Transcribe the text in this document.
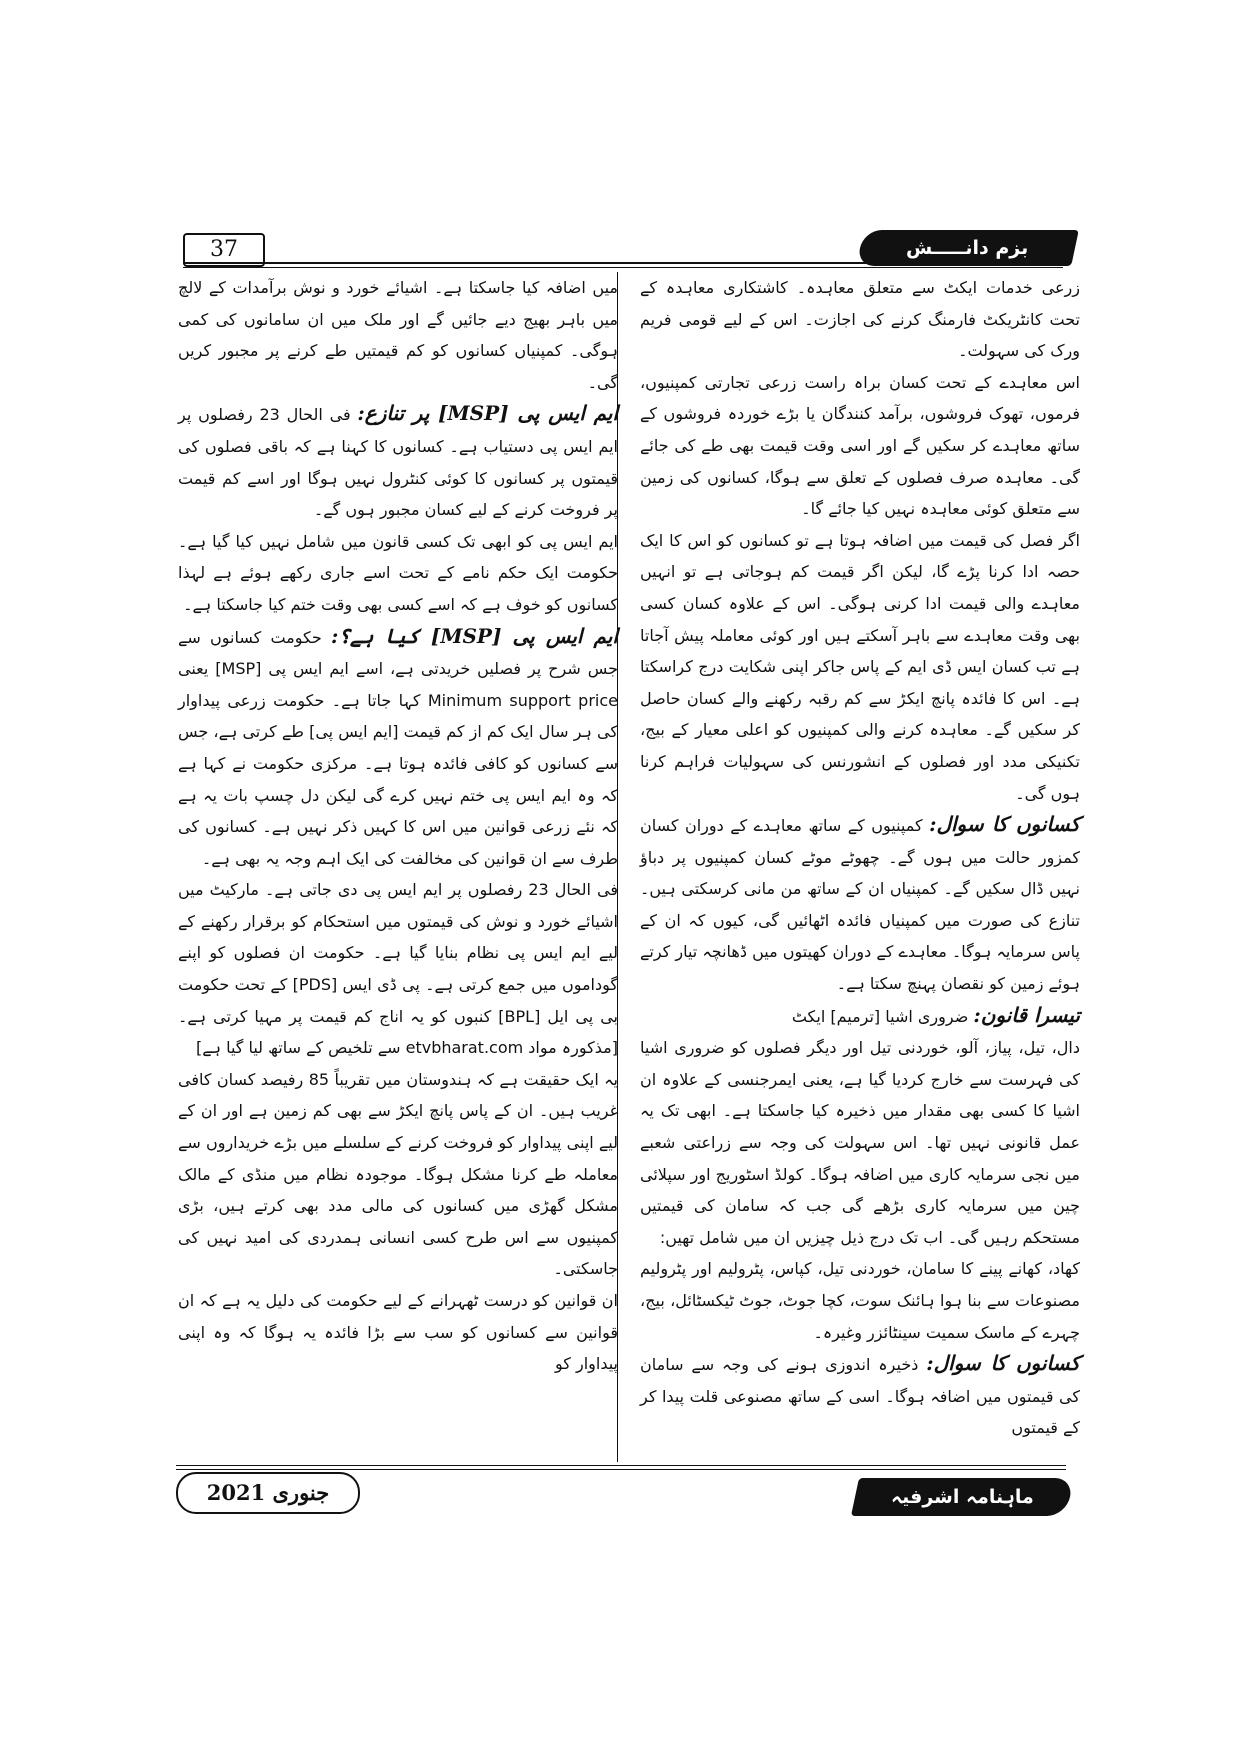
37	بزم دانـــــش

زرعی خدمات ایکٹ سے متعلق معاہدہ۔ کاشتکاری معاہدہ کے تحت کانٹریکٹ فارمنگ کرنے کی اجازت۔ اس کے لیے قومی فریم ورک کی سہولت۔

اس معاہدے کے تحت کسان براہ راست زرعی تجارتی کمپنیوں، فرموں، تھوک فروشوں، برآمد کنندگان یا بڑے خوردہ فروشوں کے ساتھ معاہدے کر سکیں گے اور اسی وقت قیمت بھی طے کی جائے گی۔ معاہدہ صرف فصلوں کے تعلق سے ہوگا، کسانوں کی زمین سے متعلق کوئی معاہدہ نہیں کیا جائے گا۔

اگر فصل کی قیمت میں اضافہ ہوتا ہے تو کسانوں کو اس کا ایک حصہ ادا کرنا پڑے گا، لیکن اگر قیمت کم ہوجاتی ہے تو انہیں معاہدے والی قیمت ادا کرنی ہوگی۔ اس کے علاوہ کسان کسی بھی وقت معاہدے سے باہر آسکتے ہیں اور کوئی معاملہ پیش آجاتا ہے تب کسان ایس ڈی ایم کے پاس جاکر اپنی شکایت درج کراسکتا ہے۔ اس کا فائدہ پانچ ایکڑ سے کم رقبہ رکھنے والے کسان حاصل کر سکیں گے۔ معاہدہ کرنے والی کمپنیوں کو اعلی معیار کے بیج، تکنیکی مدد اور فصلوں کے انشورنس کی سہولیات فراہم کرنا ہوں گی۔

کسانوں کا سوال: کمپنیوں کے ساتھ معاہدے کے دوران کسان کمزور حالت میں ہوں گے۔ چھوٹے موٹے کسان کمپنیوں پر دباؤ نہیں ڈال سکیں گے۔ کمپنیاں ان کے ساتھ من مانی کرسکتی ہیں۔ تنازع کی صورت میں کمپنیاں فائدہ اٹھائیں گی، کیوں کہ ان کے پاس سرمایہ ہوگا۔ معاہدے کے دوران کھیتوں میں ڈھانچہ تیار کرتے ہوئے زمین کو نقصان پہنچ سکتا ہے۔

تیسرا قانون: ضروری اشیا [ترمیم] ایکٹ

دال، تیل، پیاز، آلو، خوردنی تیل اور دیگر فصلوں کو ضروری اشیا کی فہرست سے خارج کردیا گیا ہے، یعنی ایمرجنسی کے علاوہ ان اشیا کا کسی بھی مقدار میں ذخیرہ کیا جاسکتا ہے۔ ابھی تک یہ عمل قانونی نہیں تھا۔ اس سہولت کی وجہ سے زراعتی شعبے میں نجی سرمایہ کاری میں اضافہ ہوگا۔ کولڈ اسٹوریج اور سپلائی چین میں سرمایہ کاری بڑھے گی جب کہ سامان کی قیمتیں مستحکم رہیں گی۔ اب تک درج ذیل چیزیں ان میں شامل تھیں:

کھاد، کھانے پینے کا سامان، خوردنی تیل، کپاس، پٹرولیم اور پٹرولیم مصنوعات سے بنا ہوا ہائنک سوت، کچا جوٹ، جوٹ ٹیکسٹائل، بیج، چہرے کے ماسک سمیت سینٹائزر وغیرہ۔

کسانوں کا سوال: ذخیرہ اندوزی ہونے کی وجہ سے سامان کی قیمتوں میں اضافہ ہوگا۔ اسی کے ساتھ مصنوعی قلت پیدا کر کے قیمتوں

میں اضافہ کیا جاسکتا ہے۔ اشیائے خورد و نوش برآمدات کے لالچ میں باہر بھیج دیے جائیں گے اور ملک میں ان سامانوں کی کمی ہوگی۔ کمپنیاں کسانوں کو کم قیمتیں طے کرنے پر مجبور کریں گی۔

ایم ایس پی [MSP] پر تنازع: فی الحال 23 رفصلوں پر ایم ایس پی دستیاب ہے۔ کسانوں کا کہنا ہے کہ باقی فصلوں کی قیمتوں پر کسانوں کا کوئی کنٹرول نہیں ہوگا اور اسے کم قیمت پر فروخت کرنے کے لیے کسان مجبور ہوں گے۔

ایم ایس پی کو ابھی تک کسی قانون میں شامل نہیں کیا گیا ہے۔ حکومت ایک حکم نامے کے تحت اسے جاری رکھے ہوئے ہے لہذا کسانوں کو خوف ہے کہ اسے کسی بھی وقت ختم کیا جاسکتا ہے۔

ایم ایس پی [MSP] کیا ہے؟: حکومت کسانوں سے جس شرح پر فصلیں خریدتی ہے، اسے ایم ایس پی [MSP] یعنی Minimum support price کہا جاتا ہے۔ حکومت زرعی پیداوار کی ہر سال ایک کم از کم قیمت [ایم ایس پی] طے کرتی ہے، جس سے کسانوں کو کافی فائدہ ہوتا ہے۔ مرکزی حکومت نے کہا ہے کہ وہ ایم ایس پی ختم نہیں کرے گی لیکن دل چسپ بات یہ ہے کہ نئے زرعی قوانین میں اس کا کہیں ذکر نہیں ہے۔ کسانوں کی طرف سے ان قوانین کی مخالفت کی ایک اہم وجہ یہ بھی ہے۔

فی الحال 23 رفصلوں پر ایم ایس پی دی جاتی ہے۔ مارکیٹ میں اشیائے خورد و نوش کی قیمتوں میں استحکام کو برقرار رکھنے کے لیے ایم ایس پی نظام بنایا گیا ہے۔ حکومت ان فصلوں کو اپنے گوداموں میں جمع کرتی ہے۔ پی ڈی ایس [PDS] کے تحت حکومت بی پی ایل [BPL] کنبوں کو یہ اناج کم قیمت پر مہیا کرتی ہے۔ [مذکورہ مواد etvbharat.com سے تلخیص کے ساتھ لیا گیا ہے]

یہ ایک حقیقت ہے کہ ہندوستان میں تقریباً 85 رفیصد کسان کافی غریب ہیں۔ ان کے پاس پانچ ایکڑ سے بھی کم زمین ہے اور ان کے لیے اپنی پیداوار کو فروخت کرنے کے سلسلے میں بڑے خریداروں سے معاملہ طے کرنا مشکل ہوگا۔ موجودہ نظام میں منڈی کے مالک مشکل گھڑی میں کسانوں کی مالی مدد بھی کرتے ہیں، بڑی کمپنیوں سے اس طرح کسی انسانی ہمدردی کی امید نہیں کی جاسکتی۔

ان قوانین کو درست ٹھہرانے کے لیے حکومت کی دلیل یہ ہے کہ ان قوانین سے کسانوں کو سب سے بڑا فائدہ یہ ہوگا کہ وہ اپنی پیداوار کو

جنوری 2021	ماہنامہ اشرفیہ
